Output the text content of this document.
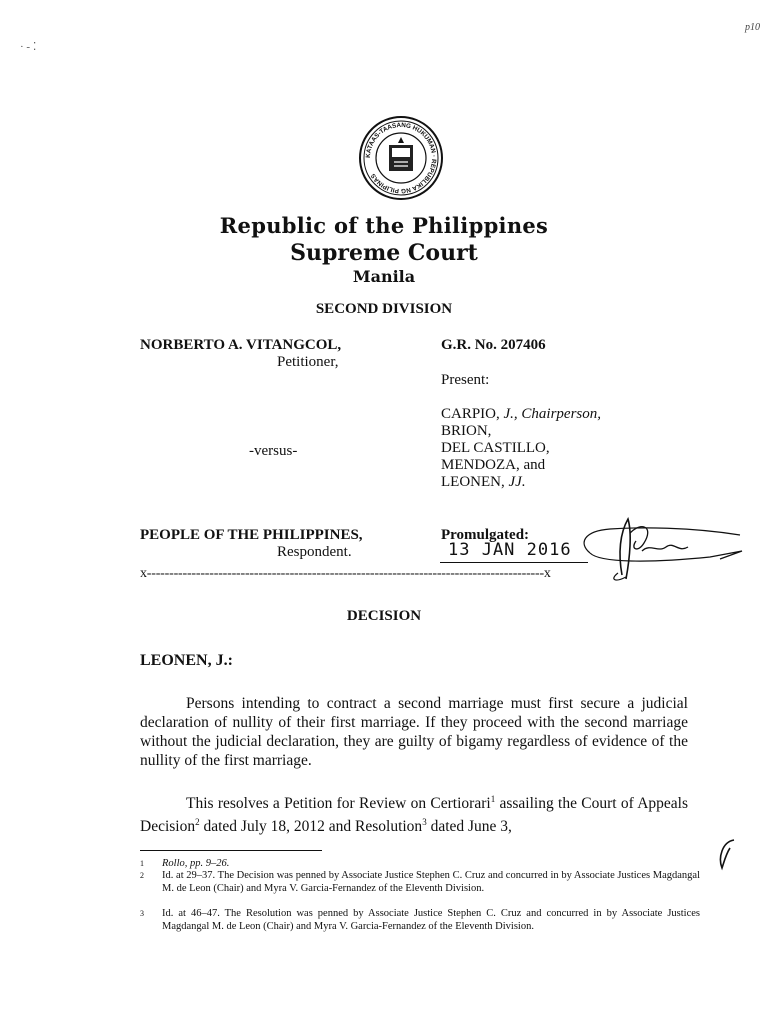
p10
· - ⁚
KATAAS-TAASANG HUKUMAN · REPUBLIKA NG PILIPINAS
Republic of the Philippines
Supreme Court
Manila
SECOND DIVISION
NORBERTO A. VITANGCOL,
Petitioner,
-versus-
PEOPLE OF THE PHILIPPINES,
Respondent.
G.R. No. 207406
Present:
CARPIO, J., Chairperson,
BRION,
DEL CASTILLO,
MENDOZA, and
LEONEN, JJ.
Promulgated:
13 JAN 2016
x-----------------------------------------------------------------------------------------x
DECISION
LEONEN, J.:
Persons intending to contract a second marriage must first secure a judicial declaration of nullity of their first marriage. If they proceed with the second marriage without the judicial declaration, they are guilty of bigamy regardless of evidence of the nullity of the first marriage.
This resolves a Petition for Review on Certiorari$^1$ assailing the Court of Appeals Decision$^2$ dated July 18, 2012 and Resolution$^3$ dated June 3,
1 Rollo, pp. 9–26.
2 Id. at 29–37. The Decision was penned by Associate Justice Stephen C. Cruz and concurred in by Associate Justices Magdangal M. de Leon (Chair) and Myra V. Garcia-Fernandez of the Eleventh Division.
3 Id. at 46–47. The Resolution was penned by Associate Justice Stephen C. Cruz and concurred in by Associate Justices Magdangal M. de Leon (Chair) and Myra V. Garcia-Fernandez of the Eleventh Division.
